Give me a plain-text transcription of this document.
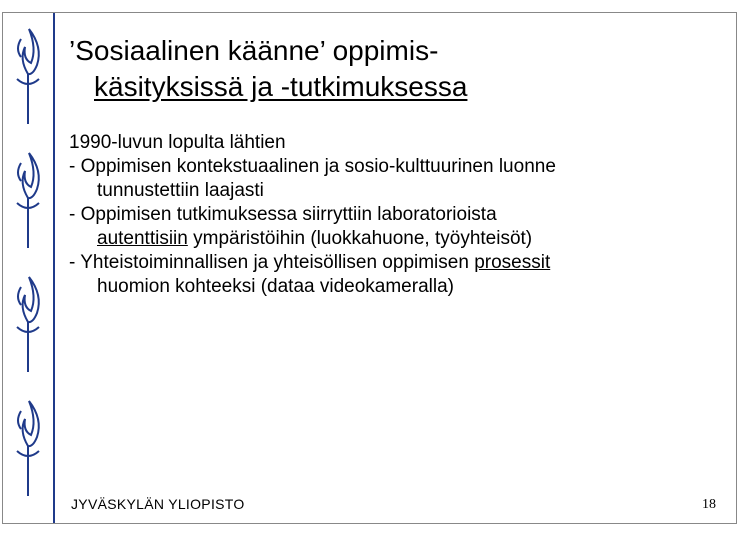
’Sosiaalinen käänne’ oppimis-
käsityksissä ja -tutkimuksessa

1990-luvun lopulta lähtien

- Oppimisen kontekstuaalinen ja sosio-kulttuurinen luonne

tunnustettiin laajasti

- Oppimisen tutkimuksessa siirryttiin laboratorioista

autenttisiin ympäristöihin (luokkahuone, työyhteisöt)

- Yhteistoiminnallisen ja yhteisöllisen oppimisen prosessit

huomion kohteeksi (dataa videokameralla)

JYVÄSKYLÄN YLIOPISTO	18
